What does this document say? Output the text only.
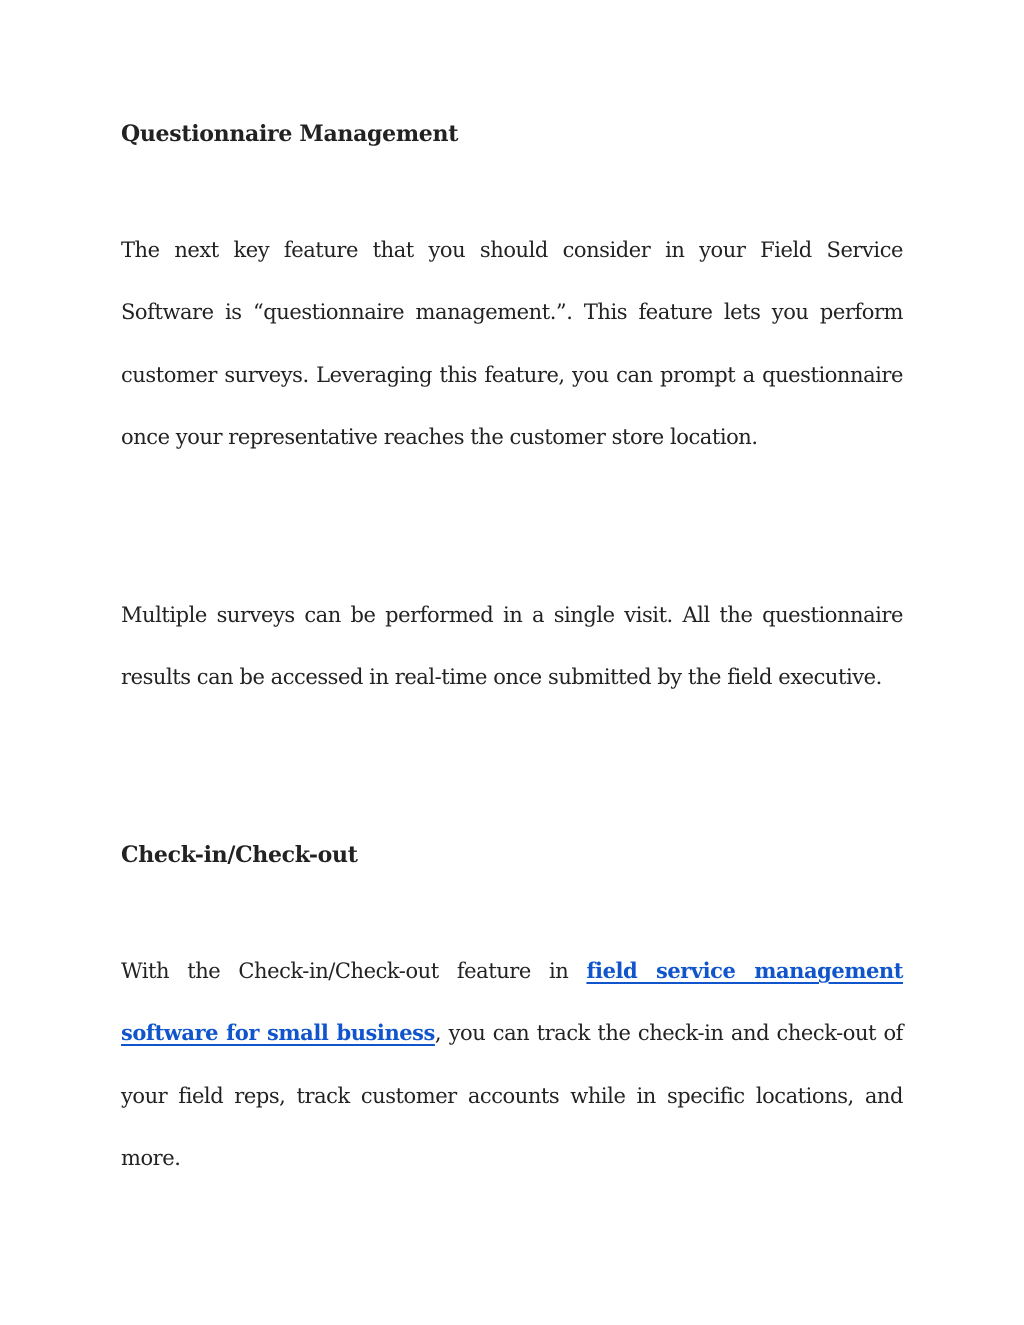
Questionnaire Management

The next key feature that you should consider in your Field Service Software is “questionnaire management.”. This feature lets you perform customer surveys. Leveraging this feature, you can prompt a questionnaire once your representative reaches the customer store location.

Multiple surveys can be performed in a single visit. All the questionnaire results can be accessed in real-time once submitted by the field executive.

Check-in/Check-out

With the Check-in/Check-out feature in field service management software for small business, you can track the check-in and check-out of your field reps, track customer accounts while in specific locations, and more.
